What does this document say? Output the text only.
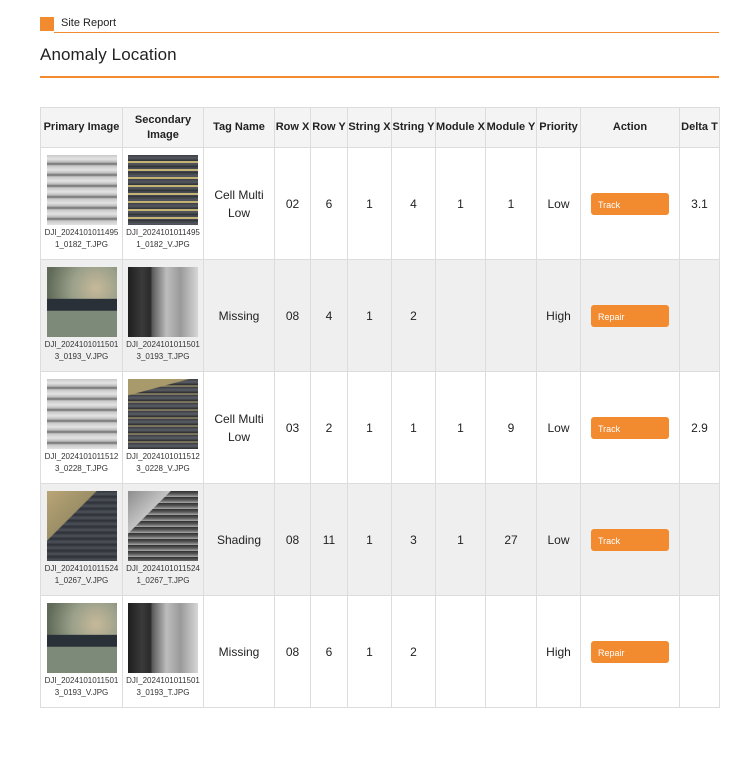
Site Report
Anomaly Location
Primary Image	Secondary Image	Tag Name	Row X	Row Y	String X	String Y	Module X	Module Y	Priority	Action	Delta T

DJI_20241010114951_0182_T.JPG	DJI_20241010114951_0182_V.JPG	Cell Multi Low	02	6	1	4	1	1	Low	Track	3.1

DJI_20241010115013_0193_V.JPG	DJI_20241010115013_0193_T.JPG	Missing	08	4	1	2			High	Repair	

DJI_20241010115123_0228_T.JPG	DJI_20241010115123_0228_V.JPG	Cell Multi Low	03	2	1	1	1	9	Low	Track	2.9

DJI_20241010115241_0267_V.JPG	DJI_20241010115241_0267_T.JPG	Shading	08	11	1	3	1	27	Low	Track	

DJI_20241010115013_0193_V.JPG	DJI_20241010115013_0193_T.JPG	Missing	08	6	1	2			High	Repair	
